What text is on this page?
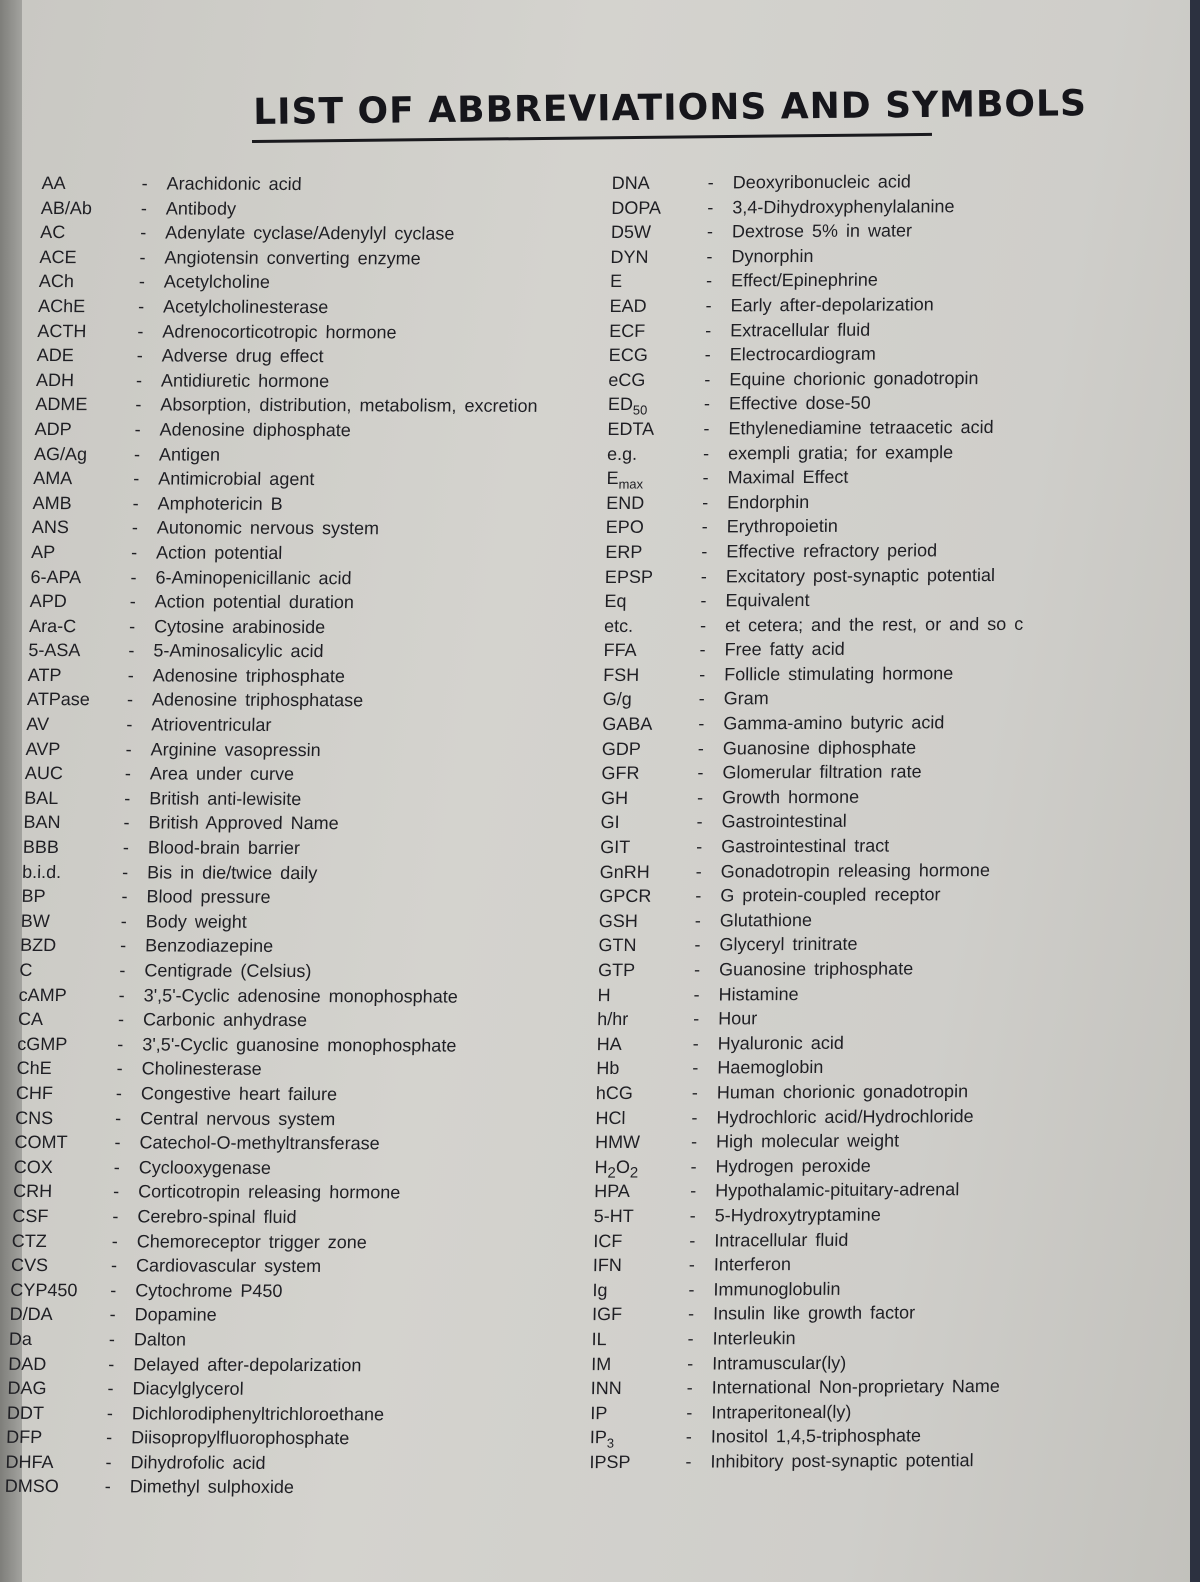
LIST OF ABBREVIATIONS AND SYMBOLS
AA	- Arachidonic acid
AB/Ab	- Antibody
AC	- Adenylate cyclase/Adenylyl cyclase
ACE	- Angiotensin converting enzyme
ACh	- Acetylcholine
AChE	- Acetylcholinesterase
ACTH	- Adrenocorticotropic hormone
ADE	- Adverse drug effect
ADH	- Antidiuretic hormone
ADME	- Absorption, distribution, metabolism, excretion
ADP	- Adenosine diphosphate
AG/Ag	- Antigen
AMA	- Antimicrobial agent
AMB	- Amphotericin B
ANS	- Autonomic nervous system
AP	- Action potential
6-APA	- 6-Aminopenicillanic acid
APD	- Action potential duration
Ara-C	- Cytosine arabinoside
5-ASA	- 5-Aminosalicylic acid
ATP	- Adenosine triphosphate
ATPase - Adenosine triphosphatase
AV	- Atrioventricular
AVP	- Arginine vasopressin
AUC	- Area under curve
BAL	- British anti-lewisite
BAN	- British Approved Name
BBB	- Blood-brain barrier
b.i.d.	- Bis in die/twice daily
BP	- Blood pressure
BW	- Body weight
BZD	- Benzodiazepine
C	- Centigrade (Celsius)
cAMP	- 3',5'-Cyclic adenosine monophosphate
CA	- Carbonic anhydrase
cGMP	- 3',5'-Cyclic guanosine monophosphate
ChE	- Cholinesterase
CHF	- Congestive heart failure
CNS	- Central nervous system
COMT	- Catechol-O-methyltransferase
COX	- Cyclooxygenase
CRH	- Corticotropin releasing hormone
CSF	- Cerebro-spinal fluid
CTZ	- Chemoreceptor trigger zone
CVS	- Cardiovascular system
CYP450 - Cytochrome P450
D/DA	- Dopamine
Da	- Dalton
DAD	- Delayed after-depolarization
DAG	- Diacylglycerol
DDT	- Dichlorodiphenyltrichloroethane
DFP	- Diisopropylfluorophosphate
DHFA	- Dihydrofolic acid
DMSO	- Dimethyl sulphoxide
DNA	- Deoxyribonucleic acid
DOPA	- 3,4-Dihydroxyphenylalanine
D5W	- Dextrose 5% in water
DYN	- Dynorphin
E	- Effect/Epinephrine
EAD	- Early after-depolarization
ECF	- Extracellular fluid
ECG	- Electrocardiogram
eCG	- Equine chorionic gonadotropin
$ED_{50}$	- Effective dose-50
EDTA	- Ethylenediamine tetraacetic acid
e.g.	- exempli gratia; for example
$E_{max}$	- Maximal Effect
END	- Endorphin
EPO	- Erythropoietin
ERP	- Effective refractory period
EPSP	- Excitatory post-synaptic potential
Eq	- Equivalent
etc.	- et cetera; and the rest, or and so c
FFA	- Free fatty acid
FSH	- Follicle stimulating hormone
G/g	- Gram
GABA	- Gamma-amino butyric acid
GDP	- Guanosine diphosphate
GFR	- Glomerular filtration rate
GH	- Growth hormone
GI	- Gastrointestinal
GIT	- Gastrointestinal tract
GnRH	- Gonadotropin releasing hormone
GPCR - G protein-coupled receptor
GSH	- Glutathione
GTN	- Glyceryl trinitrate
GTP	- Guanosine triphosphate
H	- Histamine
h/hr	- Hour
HA	- Hyaluronic acid
Hb	- Haemoglobin
hCG	- Human chorionic gonadotropin
HCl	- Hydrochloric acid/Hydrochloride
HMW	- High molecular weight
$H_2O_2$	- Hydrogen peroxide
HPA	- Hypothalamic-pituitary-adrenal
5-HT	- 5-Hydroxytryptamine
ICF	- Intracellular fluid
IFN	- Interferon
Ig	- Immunoglobulin
IGF	- Insulin like growth factor
IL	- Interleukin
IM	- Intramuscular(ly)
INN	- International Non-proprietary Name
IP	- Intraperitoneal(ly)
$IP_3$	- Inositol 1,4,5-triphosphate
IPSP	- Inhibitory post-synaptic potential
